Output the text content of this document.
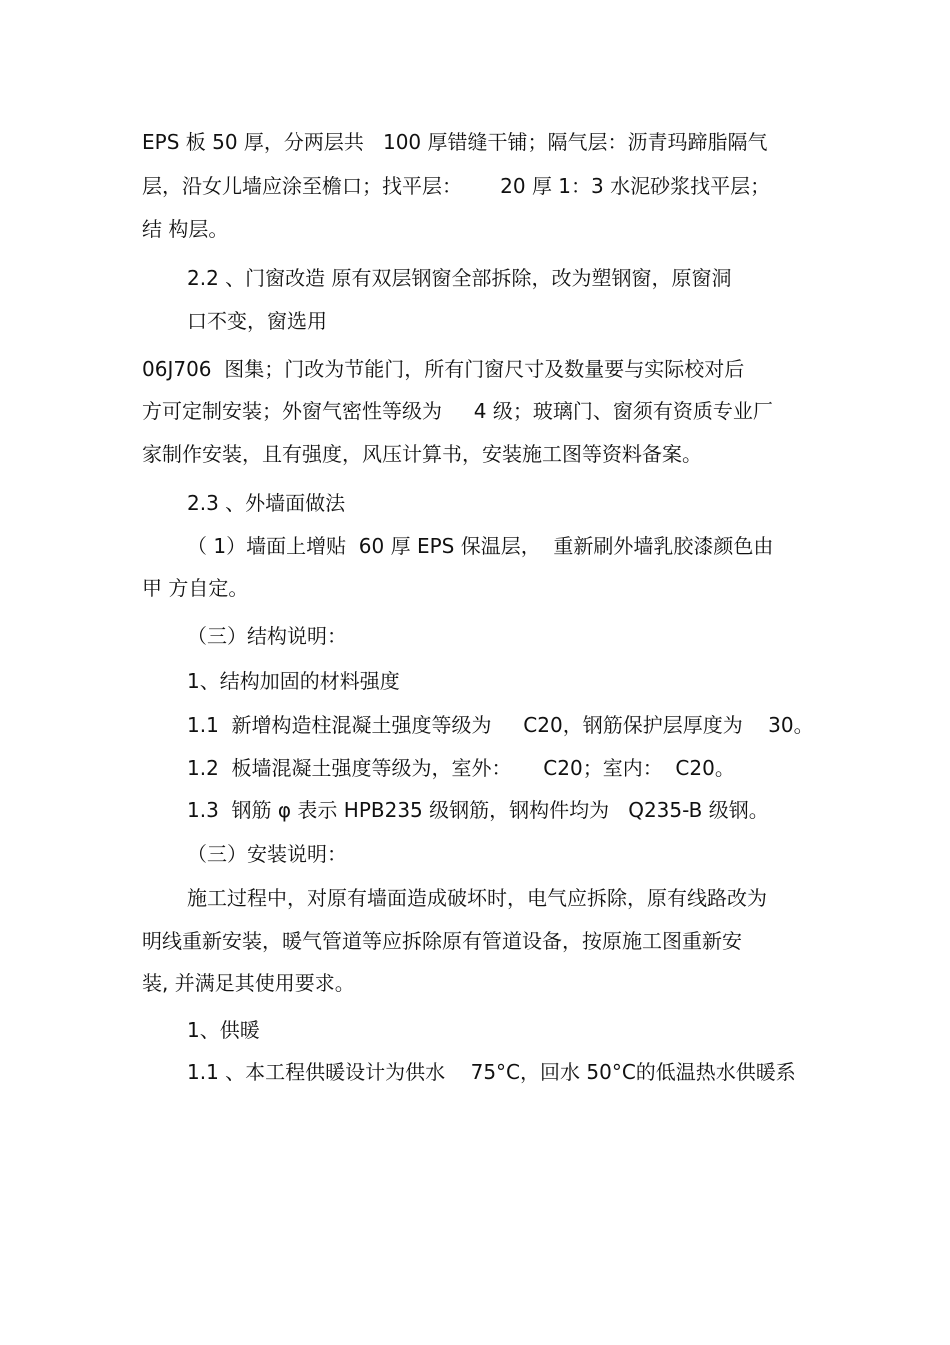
EPS 板 50 厚，分两层共   100 厚错缝干铺；隔气层：沥青玛蹄脂隔气

层，沿女儿墙应涂至檐口；找平层：      20 厚 1：3 水泥砂浆找平层；

结 构层。

2.2 、门窗改造 原有双层钢窗全部拆除，改为塑钢窗，原窗洞

口不变，窗选用

06J706  图集；门改为节能门，所有门窗尺寸及数量要与实际校对后

方可定制安装；外窗气密性等级为     4 级；玻璃门、窗须有资质专业厂

家制作安装，且有强度，风压计算书，安装施工图等资料备案。

2.3 、外墙面做法

（ 1）墙面上增贴  60 厚 EPS 保温层，  重新刷外墙乳胶漆颜色由

甲 方自定。

（三）结构说明：

1、结构加固的材料强度

1.1  新增构造柱混凝土强度等级为     C20，钢筋保护层厚度为    30。

1.2  板墙混凝土强度等级为，室外：     C20；室内：  C20。

1.3  钢筋 φ 表示 HPB235 级钢筋，钢构件均为   Q235-B 级钢。

（三）安装说明：

施工过程中，对原有墙面造成破坏时，电气应拆除，原有线路改为

明线重新安装，暖气管道等应拆除原有管道设备，按原施工图重新安

装, 并满足其使用要求。

1、供暖

1.1 、本工程供暖设计为供水    75°C，回水 50°C的低温热水供暖系
